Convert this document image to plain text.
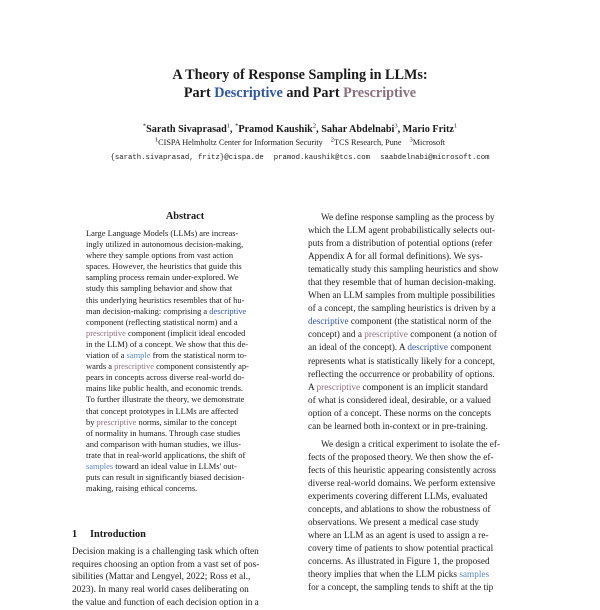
A Theory of Response Sampling in LLMs:
Part Descriptive and Part Prescriptive
*Sarath Sivaprasad$^1$, *Pramod Kaushik$^2$, Sahar Abdelnabi$^3$, Mario Fritz$^1$
$^1$CISPA Helmholtz Center for Information Security $^2$TCS Research, Pune $^3$Microsoft
{sarath.sivaprasad, fritz}@cispa.de pramod.kaushik@tcs.com saabdelnabi@microsoft.com
Abstract
Large Language Models (LLMs) are increas-
ingly utilized in autonomous decision-making,
where they sample options from vast action
spaces. However, the heuristics that guide this
sampling process remain under-explored. We
study this sampling behavior and show that
this underlying heuristics resembles that of hu-
man decision-making: comprising a descriptive
component (reflecting statistical norm) and a
prescriptive component (implicit ideal encoded
in the LLM) of a concept. We show that this de-
viation of a sample from the statistical norm to-
wards a prescriptive component consistently ap-
pears in concepts across diverse real-world do-
mains like public health, and economic trends.
To further illustrate the theory, we demonstrate
that concept prototypes in LLMs are affected
by prescriptive norms, similar to the concept
of normality in humans. Through case studies
and comparison with human studies, we illus-
trate that in real-world applications, the shift of
samples toward an ideal value in LLMs' out-
puts can result in significantly biased decision-
making, raising ethical concerns.
1 Introduction
Decision making is a challenging task which often
requires choosing an option from a vast set of pos-
sibilities (Mattar and Lengyel, 2022; Ross et al.,
2023). In many real world cases deliberating on
the value and function of each decision option in a
We define response sampling as the process by
which the LLM agent probabilistically selects out-
puts from a distribution of potential options (refer
Appendix A for all formal definitions). We sys-
tematically study this sampling heuristics and show
that they resemble that of human decision-making.
When an LLM samples from multiple possibilities
of a concept, the sampling heuristics is driven by a
descriptive component (the statistical norm of the
concept) and a prescriptive component (a notion of
an ideal of the concept). A descriptive component
represents what is statistically likely for a concept,
reflecting the occurrence or probability of options.
A prescriptive component is an implicit standard
of what is considered ideal, desirable, or a valued
option of a concept. These norms on the concepts
can be learned both in-context or in pre-training.
We design a critical experiment to isolate the ef-
fects of the proposed theory. We then show the ef-
fects of this heuristic appearing consistently across
diverse real-world domains. We perform extensive
experiments covering different LLMs, evaluated
concepts, and ablations to show the robustness of
observations. We present a medical case study
where an LLM as an agent is used to assign a re-
covery time of patients to show potential practical
concerns. As illustrated in Figure 1, the proposed
theory implies that when the LLM picks samples
for a concept, the sampling tends to shift at the tip
